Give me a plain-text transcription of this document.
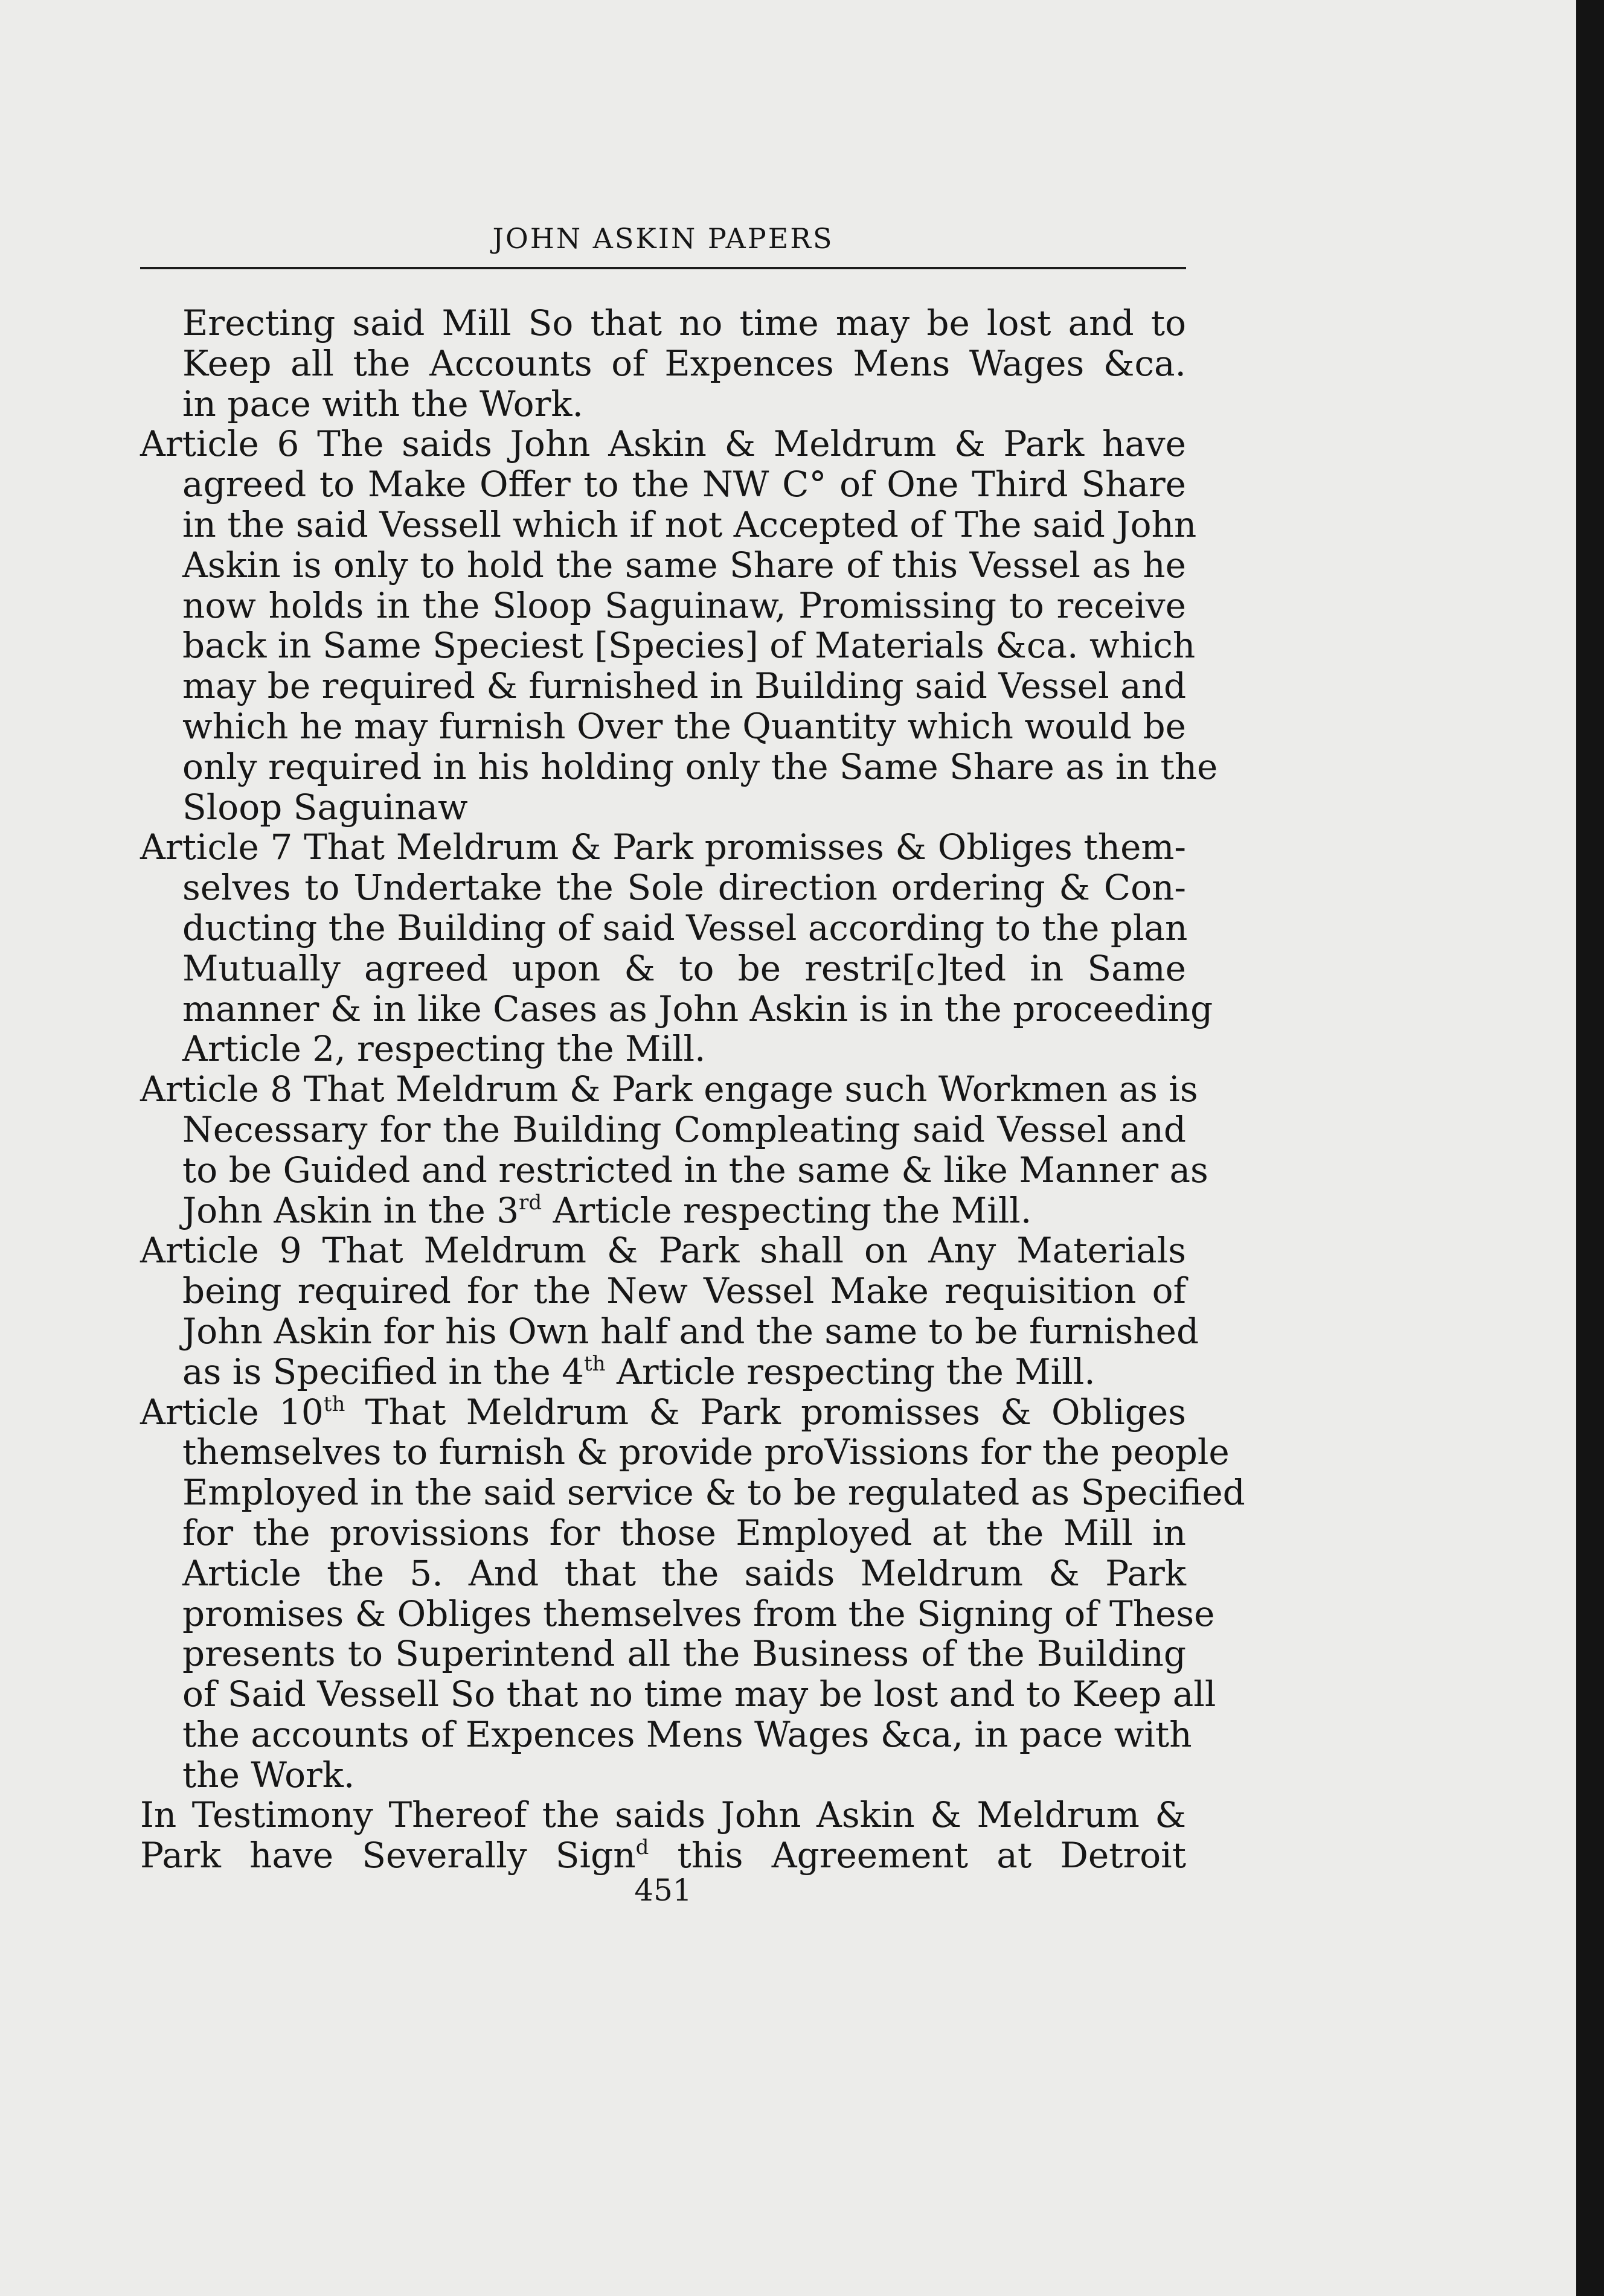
JOHN ASKIN PAPERS
Erecting said Mill So that no time may be lost and to
Keep all the Accounts of Expences Mens Wages &ca.
in pace with the Work.
Article 6 The saids John Askin & Meldrum & Park have
agreed to Make Offer to the NW C° of One Third Share
in the said Vessell which if not Accepted of The said John
Askin is only to hold the same Share of this Vessel as he
now holds in the Sloop Saguinaw, Promissing to receive
back in Same Speciest [Species] of Materials &ca. which
may be required & furnished in Building said Vessel and
which he may furnish Over the Quantity which would be
only required in his holding only the Same Share as in the
Sloop Saguinaw
Article 7 That Meldrum & Park promisses & Obliges them-
selves to Undertake the Sole direction ordering & Con-
ducting the Building of said Vessel according to the plan
Mutually agreed upon & to be restri[c]ted in Same
manner & in like Cases as John Askin is in the proceeding
Article 2, respecting the Mill.
Article 8 That Meldrum & Park engage such Workmen as is
Necessary for the Building Compleating said Vessel and
to be Guided and restricted in the same & like Manner as
John Askin in the 3rd Article respecting the Mill.
Article 9 That Meldrum & Park shall on Any Materials
being required for the New Vessel Make requisition of
John Askin for his Own half and the same to be furnished
as is Specified in the 4th Article respecting the Mill.
Article 10th That Meldrum & Park promisses & Obliges
themselves to furnish & provide proVissions for the people
Employed in the said service & to be regulated as Specified
for the provissions for those Employed at the Mill in
Article the 5. And that the saids Meldrum & Park
promises & Obliges themselves from the Signing of These
presents to Superintend all the Business of the Building
of Said Vessell So that no time may be lost and to Keep all
the accounts of Expences Mens Wages &ca, in pace with
the Work.
In Testimony Thereof the saids John Askin & Meldrum &
Park have Severally Sign$^d$ this Agreement at Detroit
451
